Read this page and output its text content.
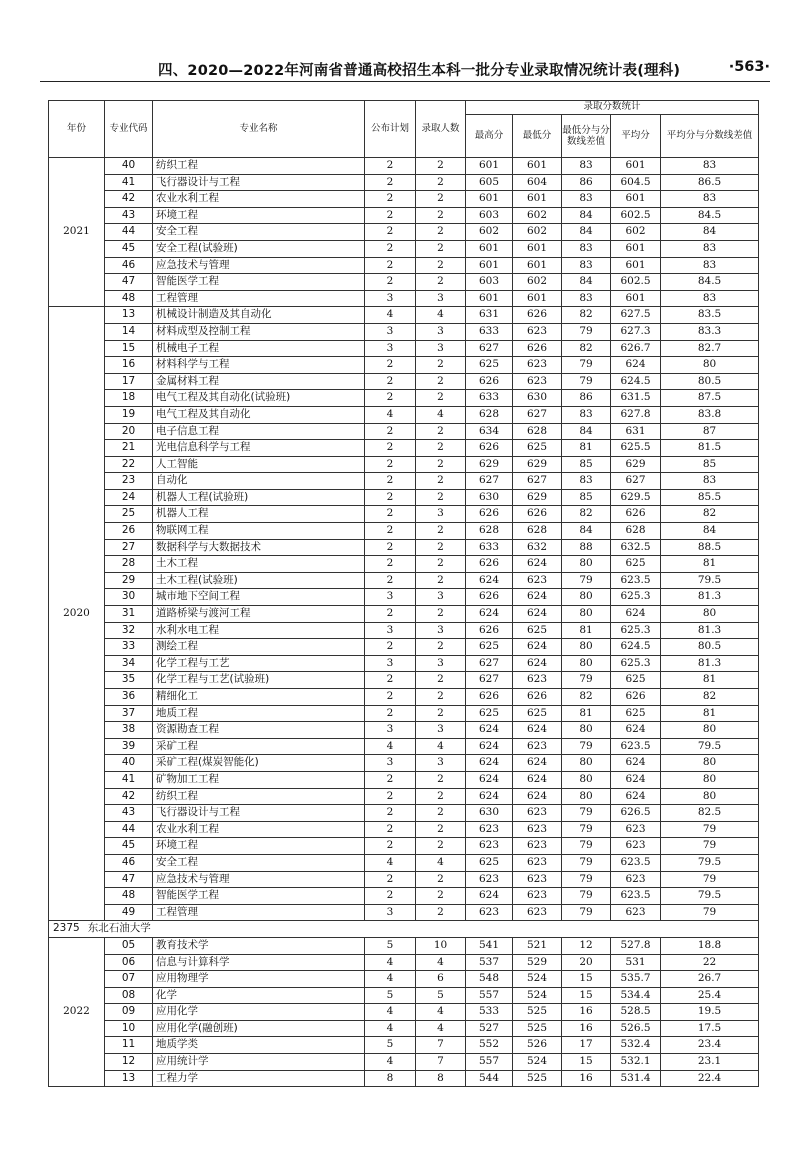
四、2020—2022年河南省普通高校招生本科一批分专业录取情况统计表(理科)	·563·
年份	专业代码	专业名称	公布计划	录取人数	录取分数统计				
					最高分	最低分	最低分与分数线差值	平均分	平均分与分数线差值
2021	40	纺织工程	2	2	601	601	83	601	83
	41	飞行器设计与工程	2	2	605	604	86	604.5	86.5
	42	农业水利工程	2	2	601	601	83	601	83
	43	环境工程	2	2	603	602	84	602.5	84.5
	44	安全工程	2	2	602	602	84	602	84
	45	安全工程(试验班)	2	2	601	601	83	601	83
	46	应急技术与管理	2	2	601	601	83	601	83
	47	智能医学工程	2	2	603	602	84	602.5	84.5
	48	工程管理	3	3	601	601	83	601	83
2020	13	机械设计制造及其自动化	4	4	631	626	82	627.5	83.5
	14	材料成型及控制工程	3	3	633	623	79	627.3	83.3
	15	机械电子工程	3	3	627	626	82	626.7	82.7
	16	材料科学与工程	2	2	625	623	79	624	80
	17	金属材料工程	2	2	626	623	79	624.5	80.5
	18	电气工程及其自动化(试验班)	2	2	633	630	86	631.5	87.5
	19	电气工程及其自动化	4	4	628	627	83	627.8	83.8
	20	电子信息工程	2	2	634	628	84	631	87
	21	光电信息科学与工程	2	2	626	625	81	625.5	81.5
	22	人工智能	2	2	629	629	85	629	85
	23	自动化	2	2	627	627	83	627	83
	24	机器人工程(试验班)	2	2	630	629	85	629.5	85.5
	25	机器人工程	2	3	626	626	82	626	82
	26	物联网工程	2	2	628	628	84	628	84
	27	数据科学与大数据技术	2	2	633	632	88	632.5	88.5
	28	土木工程	2	2	626	624	80	625	81
	29	土木工程(试验班)	2	2	624	623	79	623.5	79.5
	30	城市地下空间工程	3	3	626	624	80	625.3	81.3
	31	道路桥梁与渡河工程	2	2	624	624	80	624	80
	32	水利水电工程	3	3	626	625	81	625.3	81.3
	33	测绘工程	2	2	625	624	80	624.5	80.5
	34	化学工程与工艺	3	3	627	624	80	625.3	81.3
	35	化学工程与工艺(试验班)	2	2	627	623	79	625	81
	36	精细化工	2	2	626	626	82	626	82
	37	地质工程	2	2	625	625	81	625	81
	38	资源勘查工程	3	3	624	624	80	624	80
	39	采矿工程	4	4	624	623	79	623.5	79.5
	40	采矿工程(煤炭智能化)	3	3	624	624	80	624	80
	41	矿物加工工程	2	2	624	624	80	624	80
	42	纺织工程	2	2	624	624	80	624	80
	43	飞行器设计与工程	2	2	630	623	79	626.5	82.5
	44	农业水利工程	2	2	623	623	79	623	79
	45	环境工程	2	2	623	623	79	623	79
	46	安全工程	4	4	625	623	79	623.5	79.5
	47	应急技术与管理	2	2	623	623	79	623	79
	48	智能医学工程	2	2	624	623	79	623.5	79.5
	49	工程管理	3	2	623	623	79	623	79
2375 东北石油大学									
2022	05	教育技术学	5	10	541	521	12	527.8	18.8
	06	信息与计算科学	4	4	537	529	20	531	22
	07	应用物理学	4	6	548	524	15	535.7	26.7
	08	化学	5	5	557	524	15	534.4	25.4
	09	应用化学	4	4	533	525	16	528.5	19.5
	10	应用化学(融创班)	4	4	527	525	16	526.5	17.5
	11	地质学类	5	7	552	526	17	532.4	23.4
	12	应用统计学	4	7	557	524	15	532.1	23.1
	13	工程力学	8	8	544	525	16	531.4	22.4
